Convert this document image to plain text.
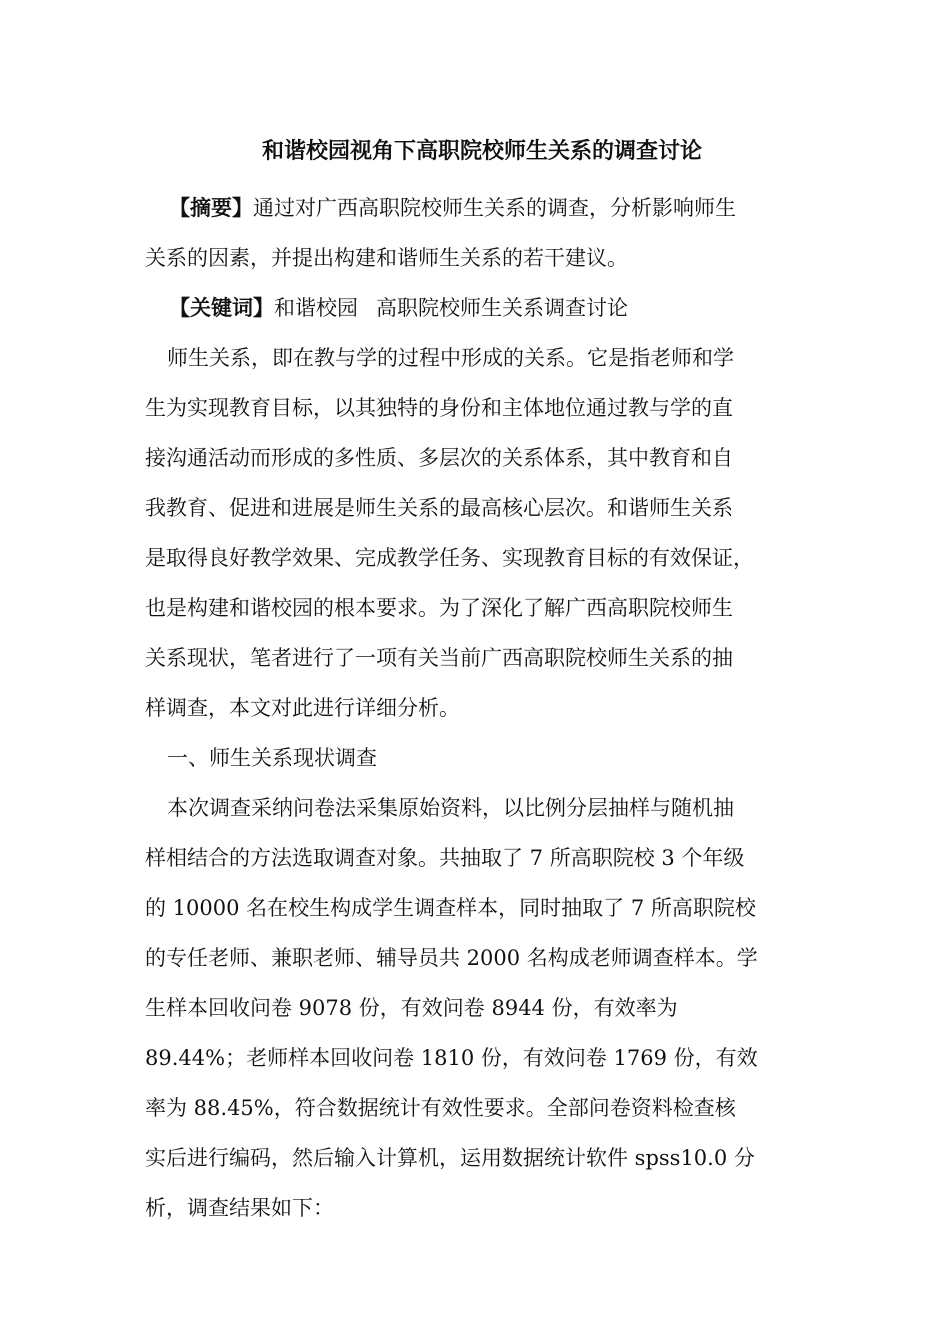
和谐校园视角下高职院校师生关系的调查讨论
【摘要】通过对广西高职院校师生关系的调查，分析影响师生
关系的因素，并提出构建和谐师生关系的若干建议。
【关键词】和谐校园 高职院校师生关系调查讨论
师生关系，即在教与学的过程中形成的关系。它是指老师和学
生为实现教育目标，以其独特的身份和主体地位通过教与学的直
接沟通活动而形成的多性质、多层次的关系体系，其中教育和自
我教育、促进和进展是师生关系的最高核心层次。和谐师生关系
是取得良好教学效果、完成教学任务、实现教育目标的有效保证，
也是构建和谐校园的根本要求。为了深化了解广西高职院校师生
关系现状，笔者进行了一项有关当前广西高职院校师生关系的抽
样调查，本文对此进行详细分析。
一、师生关系现状调查
本次调查采纳问卷法采集原始资料，以比例分层抽样与随机抽
样相结合的方法选取调查对象。共抽取了 7 所高职院校 3 个年级
的 10000 名在校生构成学生调查样本，同时抽取了 7 所高职院校
的专任老师、兼职老师、辅导员共 2000 名构成老师调查样本。学
生样本回收问卷 9078 份，有效问卷 8944 份，有效率为
89.44%；老师样本回收问卷 1810 份，有效问卷 1769 份，有效
率为 88.45%，符合数据统计有效性要求。全部问卷资料检查核
实后进行编码，然后输入计算机，运用数据统计软件 spss10.0 分
析，调查结果如下：
